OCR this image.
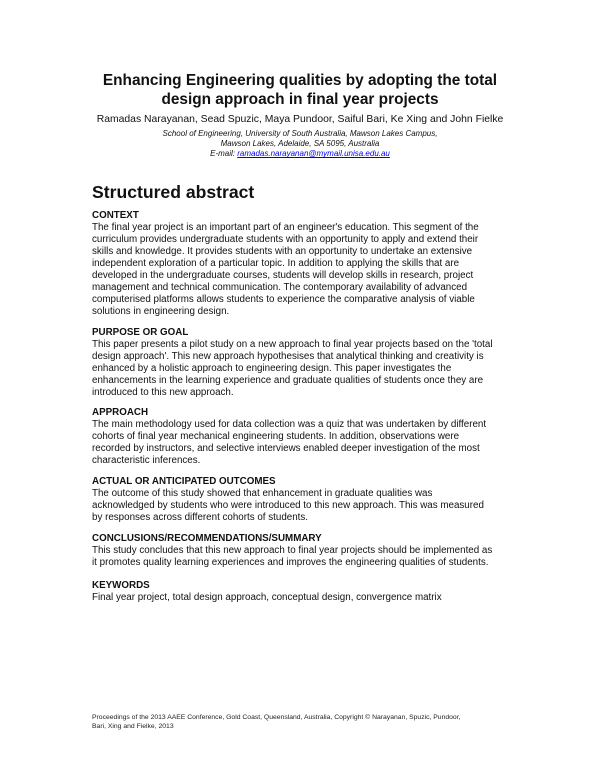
Enhancing Engineering qualities by adopting the total
design approach in final year projects

Ramadas Narayanan, Sead Spuzic, Maya Pundoor, Saiful Bari, Ke Xing and John Fielke

School of Engineering, University of South Australia, Mawson Lakes Campus,
Mawson Lakes, Adelaide, SA 5095, Australia
E-mail: ramadas.narayanan@mymail.unisa.edu.au

Structured abstract

CONTEXT

The final year project is an important part of an engineer's education. This segment of the
curriculum provides undergraduate students with an opportunity to apply and extend their
skills and knowledge. It provides students with an opportunity to undertake an extensive
independent exploration of a particular topic. In addition to applying the skills that are
developed in the undergraduate courses, students will develop skills in research, project
management and technical communication. The contemporary availability of advanced
computerised platforms allows students to experience the comparative analysis of viable
solutions in engineering design.

PURPOSE OR GOAL

This paper presents a pilot study on a new approach to final year projects based on the 'total
design approach'. This new approach hypothesises that analytical thinking and creativity is
enhanced by a holistic approach to engineering design. This paper investigates the
enhancements in the learning experience and graduate qualities of students once they are
introduced to this new approach.

APPROACH

The main methodology used for data collection was a quiz that was undertaken by different
cohorts of final year mechanical engineering students. In addition, observations were
recorded by instructors, and selective interviews enabled deeper investigation of the most
characteristic inferences.

ACTUAL OR ANTICIPATED OUTCOMES

The outcome of this study showed that enhancement in graduate qualities was
acknowledged by students who were introduced to this new approach. This was measured
by responses across different cohorts of students.

CONCLUSIONS/RECOMMENDATIONS/SUMMARY

This study concludes that this new approach to final year projects should be implemented as
it promotes quality learning experiences and improves the engineering qualities of students.

KEYWORDS

Final year project, total design approach, conceptual design, convergence matrix

Proceedings of the 2013 AAEE Conference, Gold Coast, Queensland, Australia, Copyright © Narayanan, Spuzic, Pundoor,
Bari, Xing and Fielke, 2013
